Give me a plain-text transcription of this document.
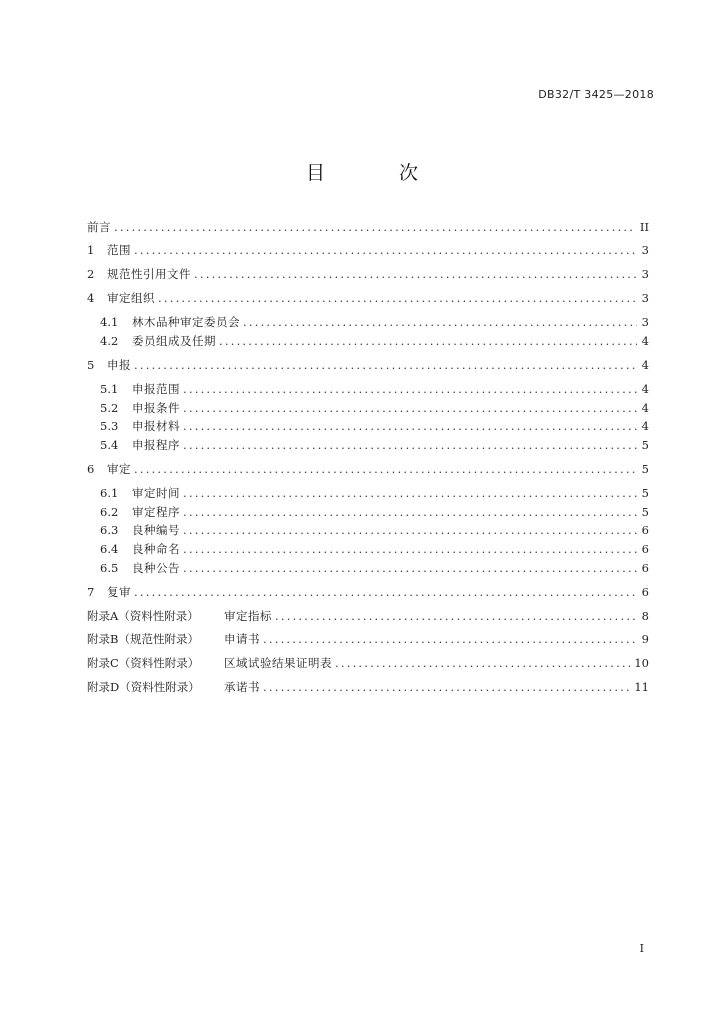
DB32/T 3425—2018
目 次
前言 .....	II
1	范围 .....	3
2	规范性引用文件 .....	3
4	审定组织 .....	3
4.1	林木品种审定委员会 .....	3
4.2	委员组成及任期 .....	4
5	申报 .....	4
5.1	申报范围 .....	4
5.2	申报条件 .....	4
5.3	申报材料 .....	4
5.4	申报程序 .....	5
6	审定 .....	5
6.1	审定时间 .....	5
6.2	审定程序 .....	5
6.3	良种编号 .....	6
6.4	良种命名 .....	6
6.5	良种公告 .....	6
7	复审 .....	6
附录A（资料性附录）	审定指标 .....	8
附录B（规范性附录）	申请书 .....	9
附录C（资料性附录）	区域试验结果证明表 .....	10
附录D（资料性附录）	承诺书 .....	11
I
